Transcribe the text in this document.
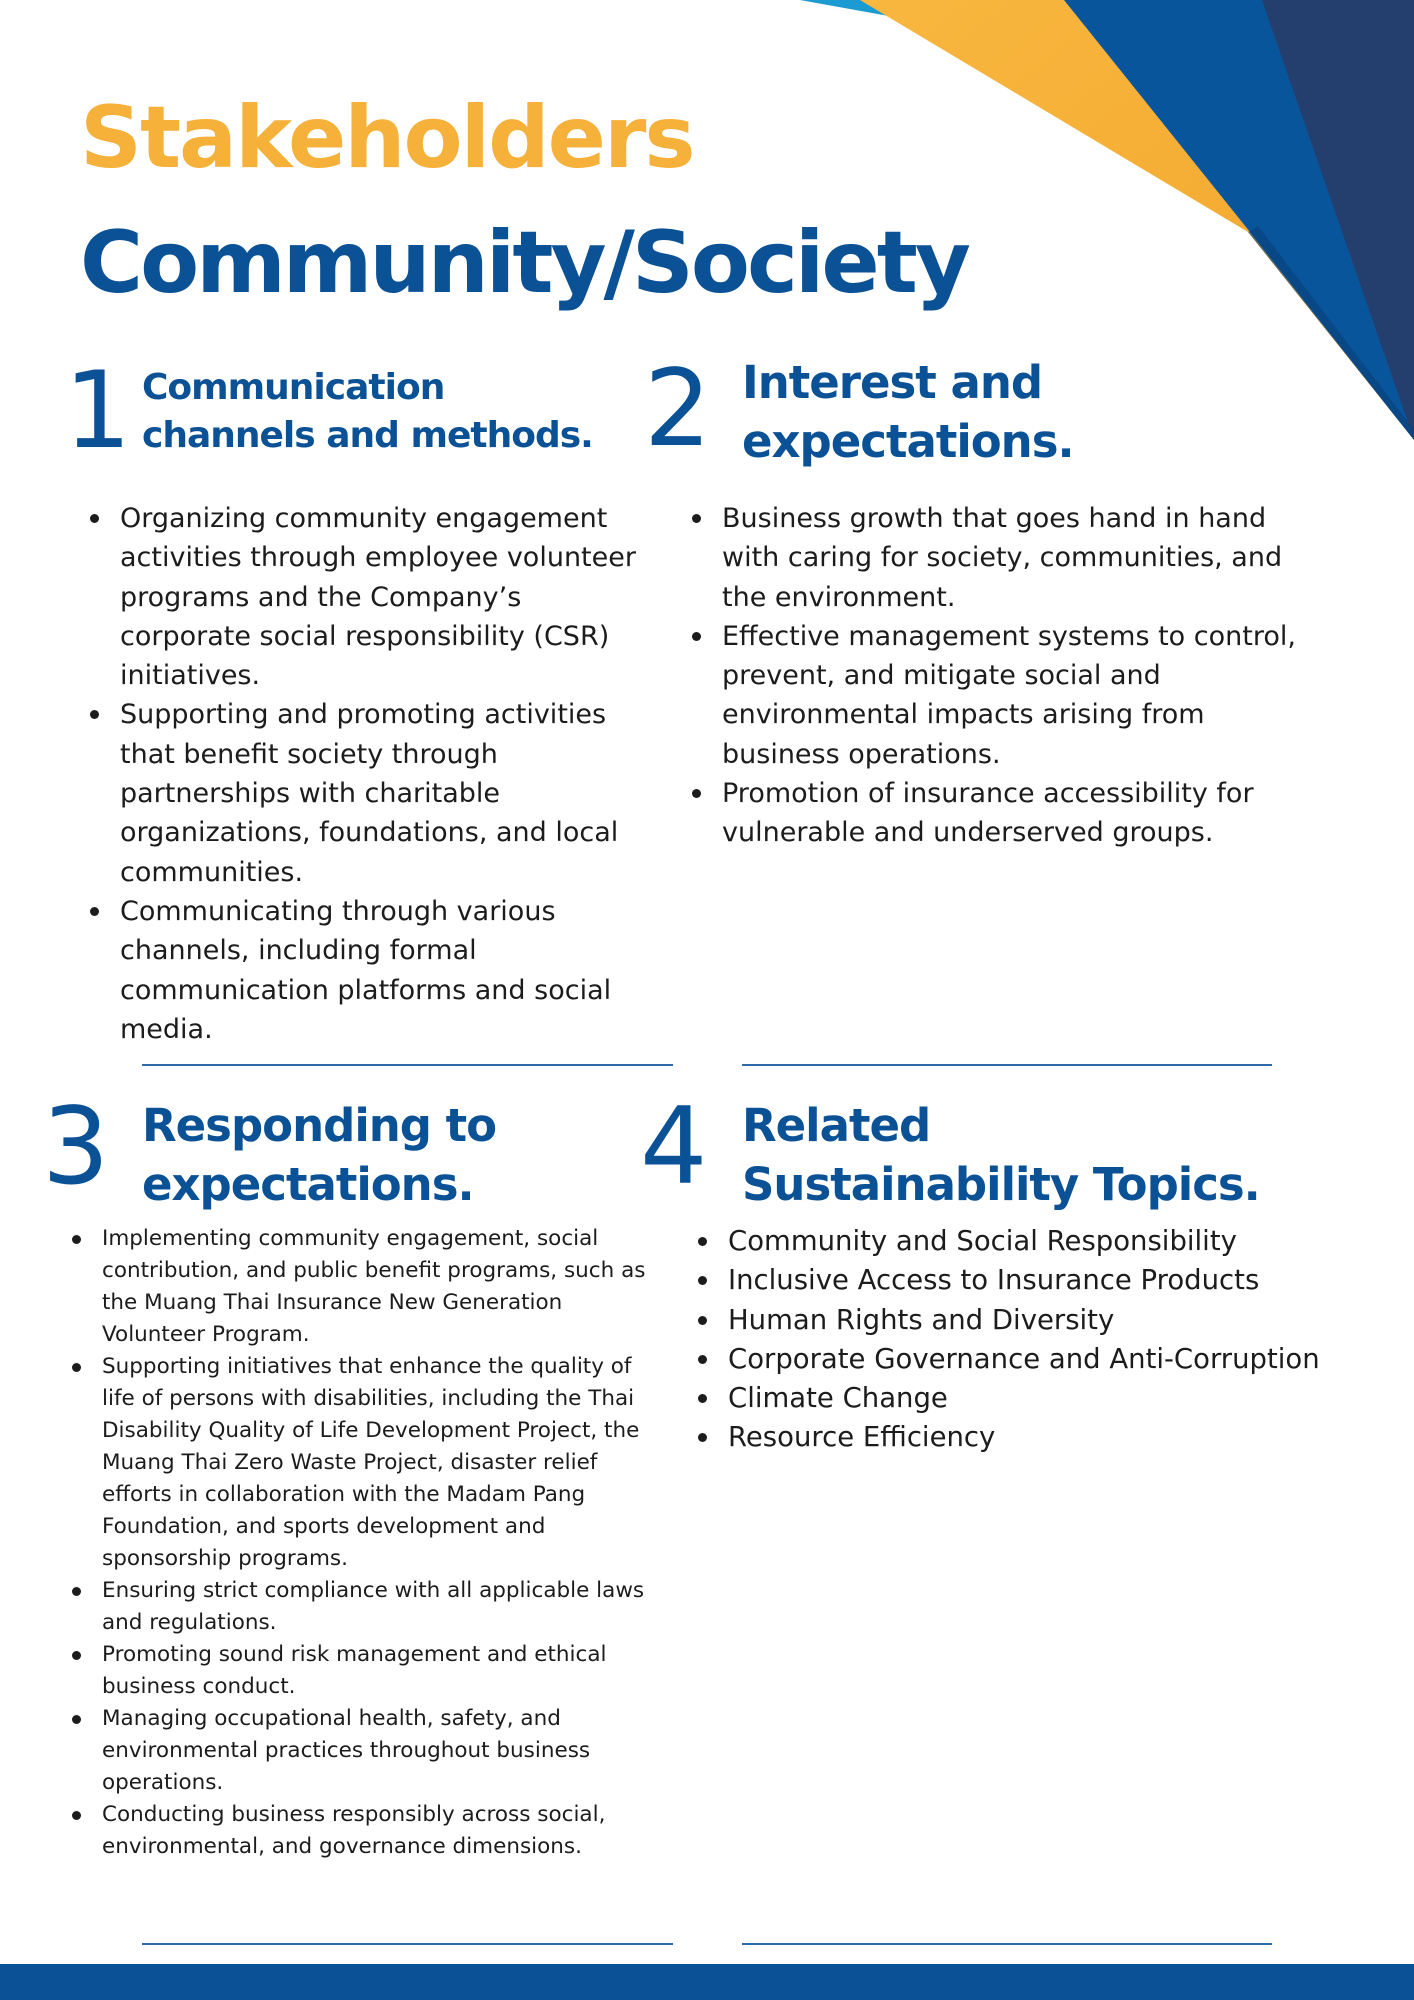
Stakeholders
Community/Society
1 Communication
channels and methods.
Organizing community engagement activities through employee volunteer programs and the Company’s corporate social responsibility (CSR) initiatives.
Supporting and promoting activities that benefit society through partnerships with charitable organizations, foundations, and local communities.
Communicating through various channels, including formal communication platforms and social media.
2 Interest and
expectations.
Business growth that goes hand in hand with caring for society, communities, and the environment.
Effective management systems to control, prevent, and mitigate social and environmental impacts arising from business operations.
Promotion of insurance accessibility for vulnerable and underserved groups.
3 Responding to
expectations.
Implementing community engagement, social contribution, and public benefit programs, such as the Muang Thai Insurance New Generation Volunteer Program.
Supporting initiatives that enhance the quality of life of persons with disabilities, including the Thai Disability Quality of Life Development Project, the Muang Thai Zero Waste Project, disaster relief efforts in collaboration with the Madam Pang Foundation, and sports development and sponsorship programs.
Ensuring strict compliance with all applicable laws and regulations.
Promoting sound risk management and ethical business conduct.
Managing occupational health, safety, and environmental practices throughout business operations.
Conducting business responsibly across social, environmental, and governance dimensions.
4 Related
Sustainability Topics.
Community and Social Responsibility
Inclusive Access to Insurance Products
Human Rights and Diversity
Corporate Governance and Anti-Corruption
Climate Change
Resource Efficiency
